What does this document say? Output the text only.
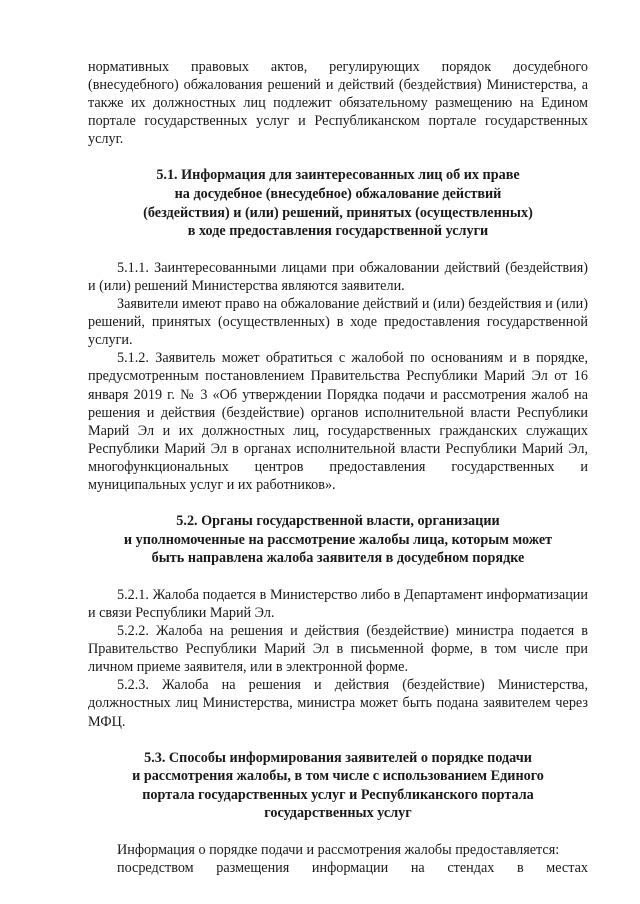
нормативных правовых актов, регулирующих порядок досудебного (внесудебного) обжалования решений и действий (бездействия) Министерства, а также их должностных лиц подлежит обязательному размещению на Едином портале государственных услуг и Республиканском портале государственных услуг.

5.1. Информация для заинтересованных лиц об их праве
на досудебное (внесудебное) обжалование действий
(бездействия) и (или) решений, принятых (осуществленных)
в ходе предоставления государственной услуги

5.1.1. Заинтересованными лицами при обжаловании действий (бездействия) и (или) решений Министерства являются заявители.

Заявители имеют право на обжалование действий и (или) бездействия и (или) решений, принятых (осуществленных) в ходе предоставления государственной услуги.

5.1.2. Заявитель может обратиться с жалобой по основаниям и в порядке, предусмотренным постановлением Правительства Республики Марий Эл от 16 января 2019 г. № 3 «Об утверждении Порядка подачи и рассмотрения жалоб на решения и действия (бездействие) органов исполнительной власти Республики Марий Эл и их должностных лиц, государственных гражданских служащих Республики Марий Эл в органах исполнительной власти Республики Марий Эл, многофункциональных центров предоставления государственных и муниципальных услуг и их работников».

5.2. Органы государственной власти, организации
и уполномоченные на рассмотрение жалобы лица, которым может
быть направлена жалоба заявителя в досудебном порядке

5.2.1. Жалоба подается в Министерство либо в Департамент информатизации и связи Республики Марий Эл.

5.2.2. Жалоба на решения и действия (бездействие) министра подается в Правительство Республики Марий Эл в письменной форме, в том числе при личном приеме заявителя, или в электронной форме.

5.2.3. Жалоба на решения и действия (бездействие) Министерства, должностных лиц Министерства, министра может быть подана заявителем через МФЦ.

5.3. Способы информирования заявителей о порядке подачи
и рассмотрения жалобы, в том числе с использованием Единого
портала государственных услуг и Республиканского портала
государственных услуг

Информация о порядке подачи и рассмотрения жалобы предоставляется:

посредством размещения информации на стендах в местах
